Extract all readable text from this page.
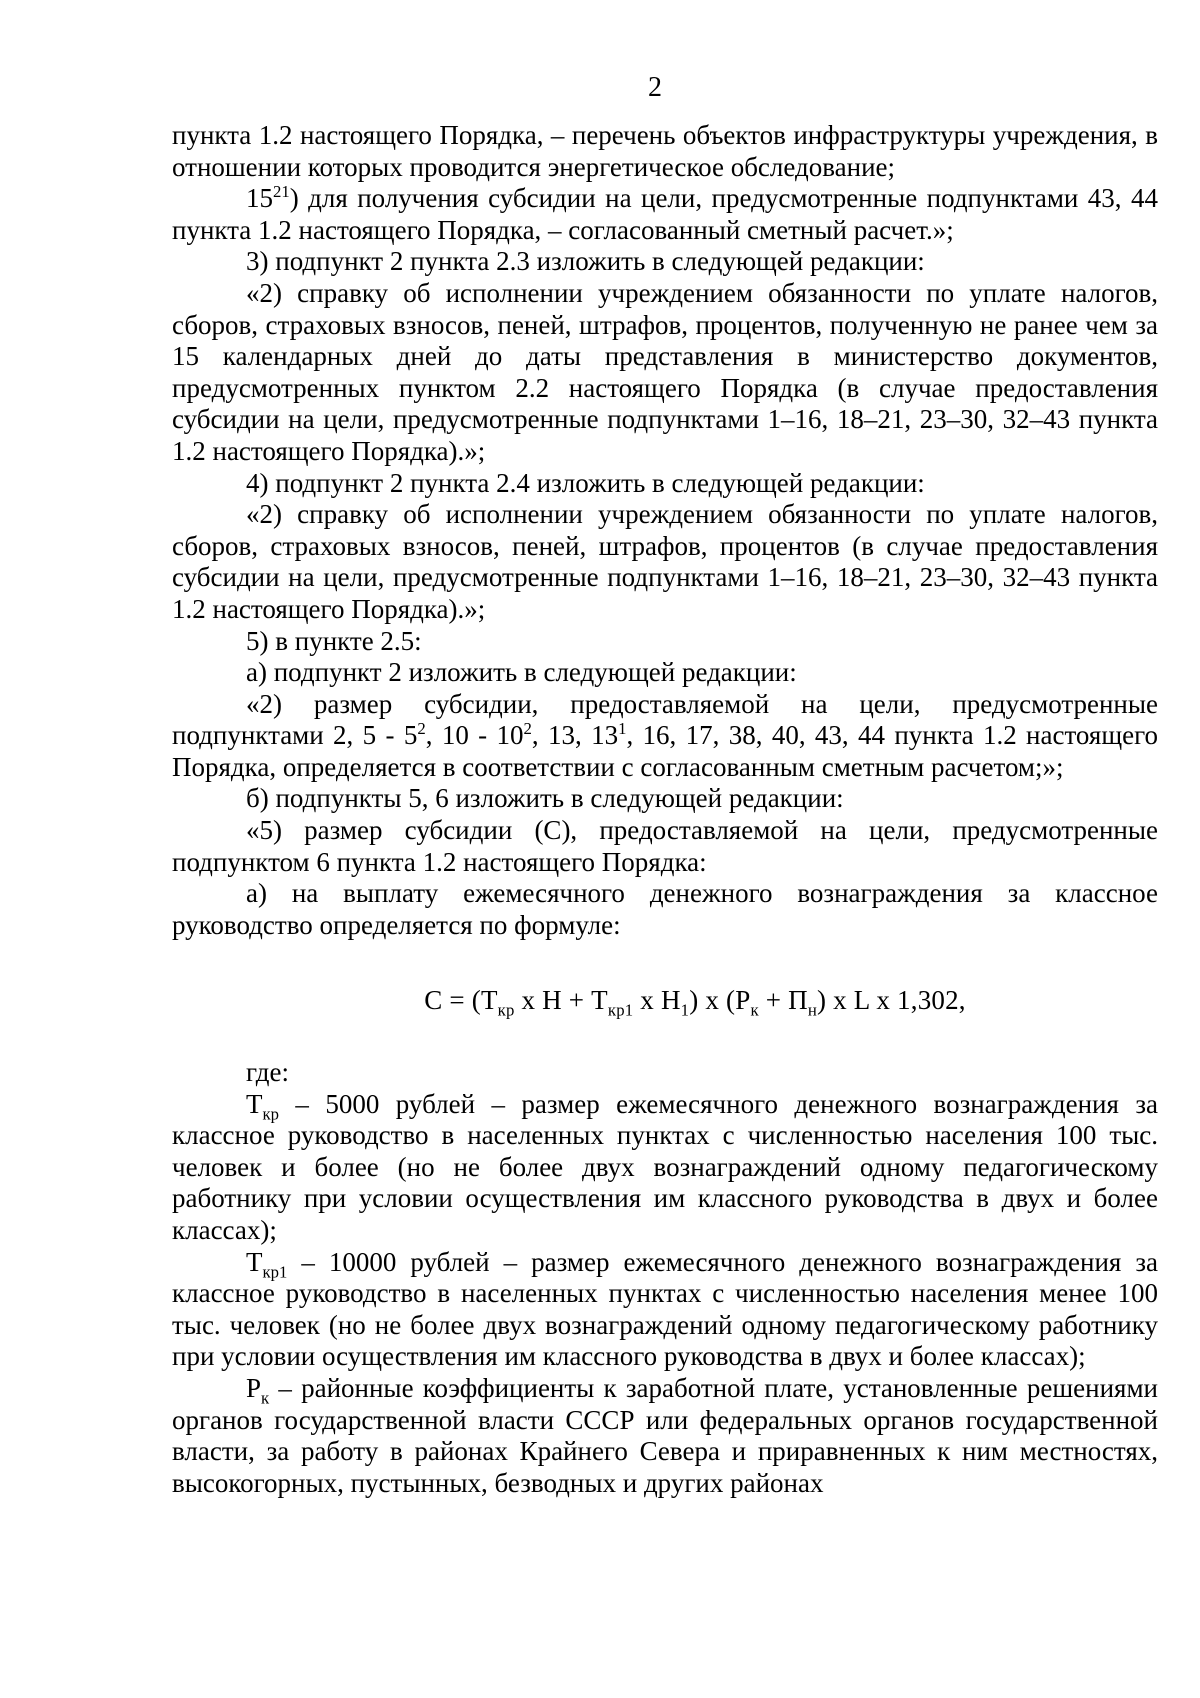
2

пункта 1.2 настоящего Порядка, – перечень объектов инфраструктуры учреждения, в отношении которых проводится энергетическое обследование;

$15^{21}$) для получения субсидии на цели, предусмотренные подпунктами 43, 44 пункта 1.2 настоящего Порядка, – согласованный сметный расчет.»;

3) подпункт 2 пункта 2.3 изложить в следующей редакции:

«2) справку об исполнении учреждением обязанности по уплате налогов, сборов, страховых взносов, пеней, штрафов, процентов, полученную не ранее чем за 15 календарных дней до даты представления в министерство документов, предусмотренных пунктом 2.2 настоящего Порядка (в случае предоставления субсидии на цели, предусмотренные подпунктами 1–16, 18–21, 23–30, 32–43 пункта 1.2 настоящего Порядка).»;

4) подпункт 2 пункта 2.4 изложить в следующей редакции:

«2) справку об исполнении учреждением обязанности по уплате налогов, сборов, страховых взносов, пеней, штрафов, процентов (в случае предоставления субсидии на цели, предусмотренные подпунктами 1–16, 18–21, 23–30, 32–43 пункта 1.2 настоящего Порядка).»;

5) в пункте 2.5:

а) подпункт 2 изложить в следующей редакции:

«2) размер субсидии, предоставляемой на цели, предусмотренные подпунктами 2, $5 - 5^2$, $10 - 10^2$, 13, $13^1$, 16, 17, 38, 40, 43, 44 пункта 1.2 настоящего Порядка, определяется в соответствии с согласованным сметным расчетом;»;

б) подпункты 5, 6 изложить в следующей редакции:

«5) размер субсидии (С), предоставляемой на цели, предусмотренные подпунктом 6 пункта 1.2 настоящего Порядка:

а) на выплату ежемесячного денежного вознаграждения за классное руководство определяется по формуле:

$С = (Т_{кр}$ х $Н + Т_{кр1}$ х $Н_1$) х $(Р_к + П_н)$ х L х 1,302,

где:

$Т_{кр} - 5000$ рублей – размер ежемесячного денежного вознаграждения за классное руководство в населенных пунктах с численностью населения 100 тыс. человек и более (но не более двух вознаграждений одному педагогическому работнику при условии осуществления им классного руководства в двух и более классах);

$Т_{кр1} - 10000$ рублей – размер ежемесячного денежного вознаграждения за классное руководство в населенных пунктах с численностью населения менее 100 тыс. человек (но не более двух вознаграждений одному педагогическому работнику при условии осуществления им классного руководства в двух и более классах);

$Р_к$ – районные коэффициенты к заработной плате, установленные решениями органов государственной власти СССР или федеральных органов государственной власти, за работу в районах Крайнего Севера и приравненных к ним местностях, высокогорных, пустынных, безводных и других районах
